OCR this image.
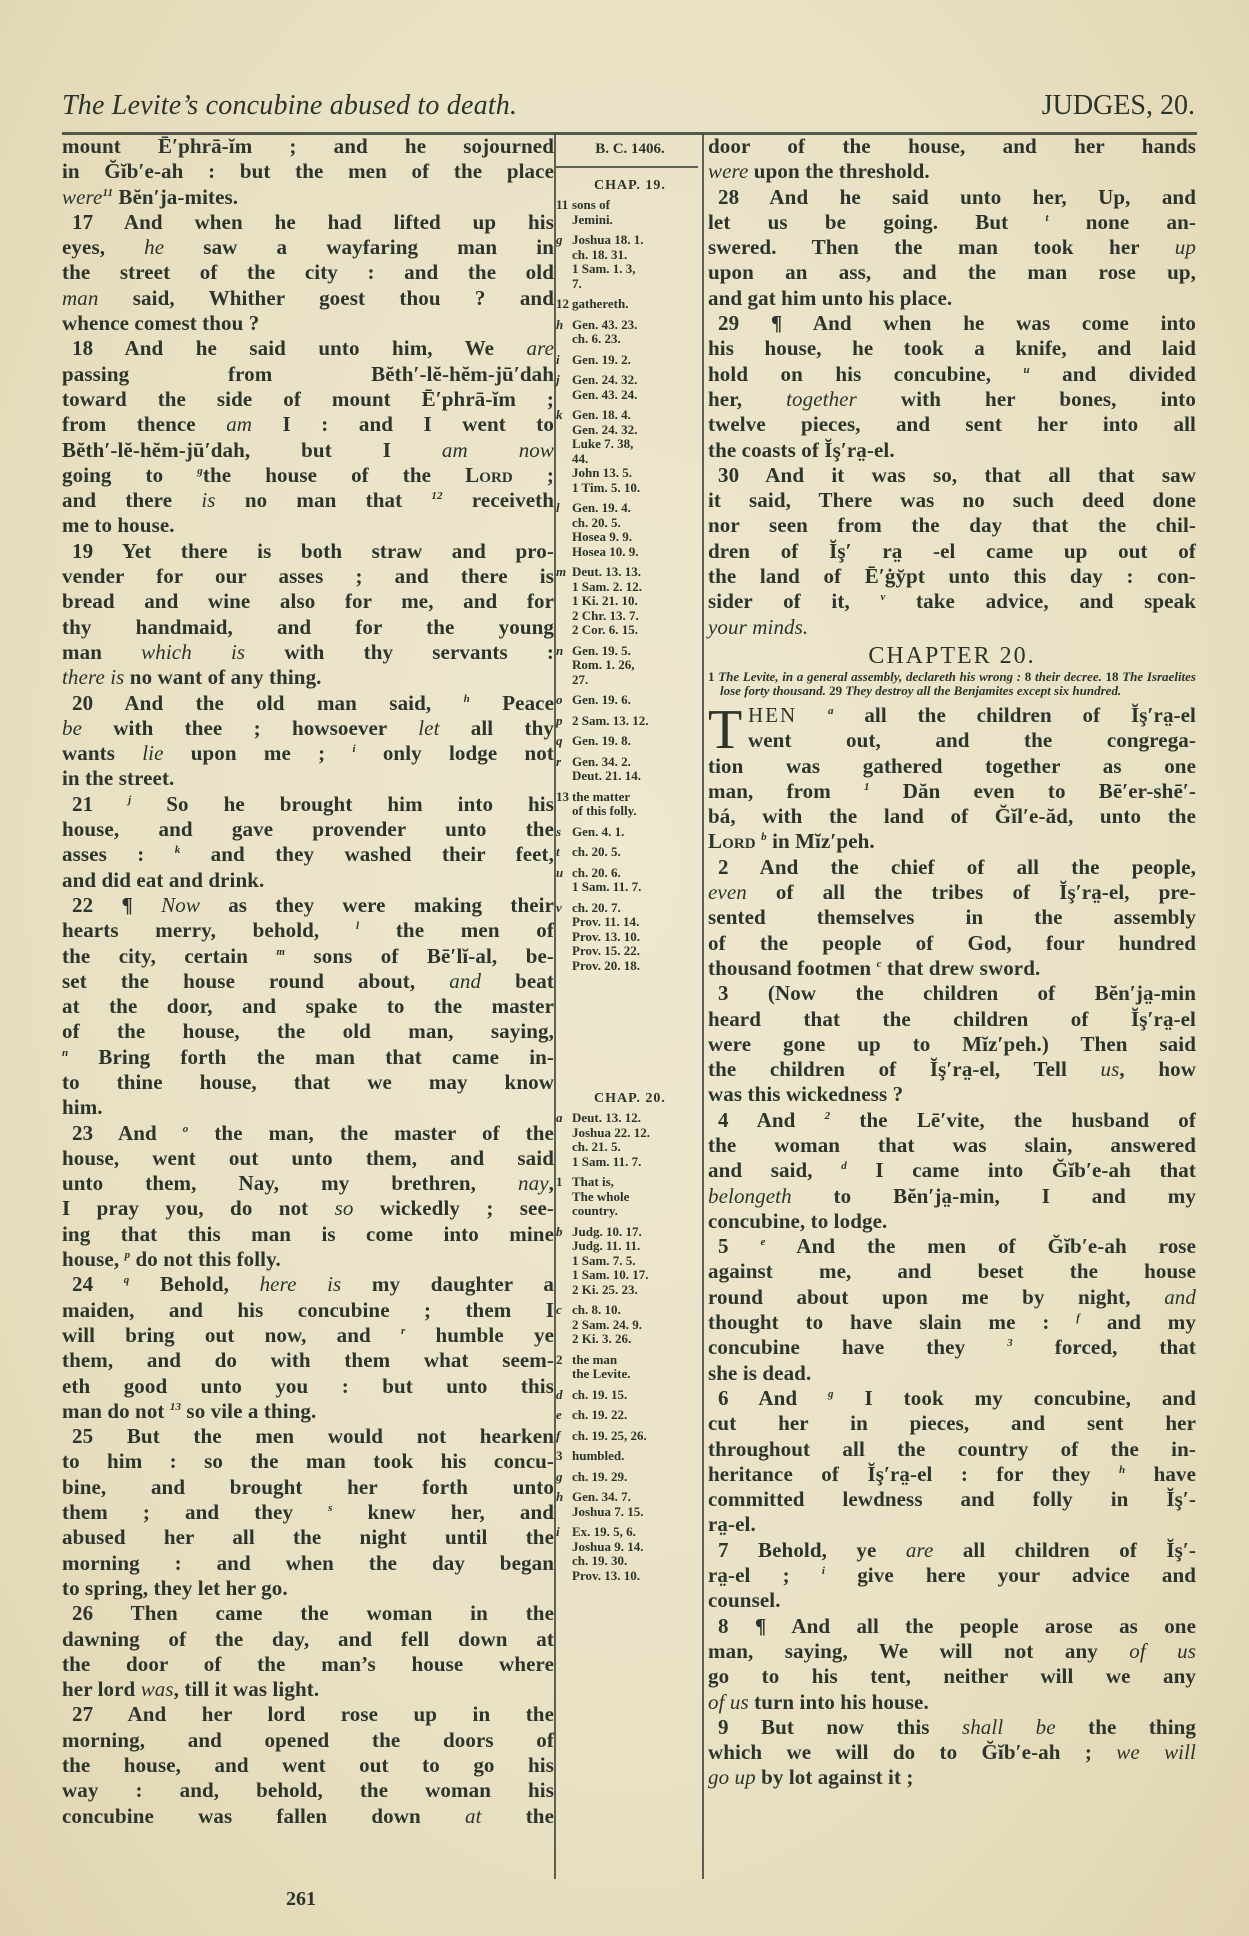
The Levite’s concubine abused to death.	JUDGES, 20.
mount Ē′phrā-ĭm ; and he sojourned
in Ğĭb′e-ah : but the men of the place
were$^{11}$ Bĕn′ja-mites.
17 And when he had lifted up his
eyes, he saw a wayfaring man in
the street of the city : and the old
man said, Whither goest thou ? and
whence comest thou ?
18 And he said unto him, We are
passing from Bĕth′-lĕ-hĕm-jū′dah
toward the side of mount Ē′phrā-ĭm ;
from thence am I : and I went to
Bĕth′-lĕ-hĕm-jū′dah, but I am now
going to $^g$the house of the Lord ;
and there is no man that $^{12}$ receiveth
me to house.
19 Yet there is both straw and pro-
vender for our asses ; and there is
bread and wine also for me, and for
thy handmaid, and for the young
man which is with thy servants :
there is no want of any thing.
20 And the old man said, $^h$ Peace
be with thee ; howsoever let all thy
wants lie upon me ; $^i$ only lodge not
in the street.
21 $^j$ So he brought him into his
house, and gave provender unto the
asses : $^k$ and they washed their feet,
and did eat and drink.
22 ¶ Now as they were making their
hearts merry, behold, $^l$ the men of
the city, certain $^m$ sons of Bē′lĭ-al, be-
set the house round about, and beat
at the door, and spake to the master
of the house, the old man, saying,
$^n$ Bring forth the man that came in-
to thine house, that we may know
him.
23 And $^o$ the man, the master of the
house, went out unto them, and said
unto them, Nay, my brethren, nay,
I pray you, do not so wickedly ; see-
ing that this man is come into mine
house, $^p$ do not this folly.
24 $^q$ Behold, here is my daughter a
maiden, and his concubine ; them I
will bring out now, and $^r$ humble ye
them, and do with them what seem-
eth good unto you : but unto this
man do not $^{13}$ so vile a thing.
25 But the men would not hearken
to him : so the man took his concu-
bine, and brought her forth unto
them ; and they $^s$ knew her, and
abused her all the night until the
morning : and when the day began
to spring, they let her go.
26 Then came the woman in the
dawning of the day, and fell down at
the door of the man’s house where
her lord was, till it was light.
27 And her lord rose up in the
morning, and opened the doors of
the house, and went out to go his
way : and, behold, the woman his
concubine was fallen down at the
B. C. 1406.
CHAP. 19.
11 sons of
Jemini.
g Joshua 18. 1.
ch. 18. 31.
1 Sam. 1. 3,
7.
12 gathereth.
h Gen. 43. 23.
ch. 6. 23.
i Gen. 19. 2.
j Gen. 24. 32.
Gen. 43. 24.
k Gen. 18. 4.
Gen. 24. 32.
Luke 7. 38,
44.
John 13. 5.
1 Tim. 5. 10.
l Gen. 19. 4.
ch. 20. 5.
Hosea 9. 9.
Hosea 10. 9.
m Deut. 13. 13.
1 Sam. 2. 12.
1 Ki. 21. 10.
2 Chr. 13. 7.
2 Cor. 6. 15.
n Gen. 19. 5.
Rom. 1. 26,
27.
o Gen. 19. 6.
p 2 Sam. 13. 12.
q Gen. 19. 8.
r Gen. 34. 2.
Deut. 21. 14.
13 the matter
of this folly.
s Gen. 4. 1.
t ch. 20. 5.
u ch. 20. 6.
1 Sam. 11. 7.
v ch. 20. 7.
Prov. 11. 14.
Prov. 13. 10.
Prov. 15. 22.
Prov. 20. 18.
CHAP. 20.
a Deut. 13. 12.
Joshua 22. 12.
ch. 21. 5.
1 Sam. 11. 7.
1 That is,
The whole
country.
b Judg. 10. 17.
Judg. 11. 11.
1 Sam. 7. 5.
1 Sam. 10. 17.
2 Ki. 25. 23.
c ch. 8. 10.
2 Sam. 24. 9.
2 Ki. 3. 26.
2 the man
the Levite.
d ch. 19. 15.
e ch. 19. 22.
f ch. 19. 25, 26.
3 humbled.
g ch. 19. 29.
h Gen. 34. 7.
Joshua 7. 15.
i Ex. 19. 5, 6.
Joshua 9. 14.
ch. 19. 30.
Prov. 13. 10.
door of the house, and her hands
were upon the threshold.
28 And he said unto her, Up, and
let us be going. But $^t$ none an-
swered. Then the man took her up
upon an ass, and the man rose up,
and gat him unto his place.
29 ¶ And when he was come into
his house, he took a knife, and laid
hold on his concubine, $^u$ and divided
her, together with her bones, into
twelve pieces, and sent her into all
the coasts of Ĭş′ra̤-el.
30 And it was so, that all that saw
it said, There was no such deed done
nor seen from the day that the chil-
dren of Ĭş′ ra̤ -el came up out of
the land of Ē′ġy̆pt unto this day : con-
sider of it, $^v$ take advice, and speak
your minds.
CHAPTER 20.
1 The Levite, in a general assembly, declareth his wrong : 8 their decree. 18 The Israelites lose forty thousand. 29 They destroy all the Benjamites except six hundred.
T HEN	$^a$ all the children of Ĭş′ra̤-el
went out, and the congrega-
tion was gathered together as one
man, from $^1$ Dăn even to Bē′er-shē′-
bá, with the land of Ğĭl′e-ăd, unto the
Lord $^b$ in Mĭz′peh.
2 And the chief of all the people,
even of all the tribes of Ĭş′ra̤-el, pre-
sented themselves in the assembly
of the people of God, four hundred
thousand footmen $^c$ that drew sword.
3 (Now the children of Bĕn′ja̤-min
heard that the children of Ĭş′ra̤-el
were gone up to Mĭz′peh.) Then said
the children of Ĭş′ra̤-el, Tell us, how
was this wickedness ?
4 And $^2$ the Lē′vite, the husband of
the woman that was slain, answered
and said, $^d$ I came into Ğĭb′e-ah that
belongeth to Bĕn′ja̤-min, I and my
concubine, to lodge.
5 $^e$ And the men of Ğĭb′e-ah rose
against me, and beset the house
round about upon me by night, and
thought to have slain me : $^f$ and my
concubine have they $^3$ forced, that
she is dead.
6 And $^g$ I took my concubine, and
cut her in pieces, and sent her
throughout all the country of the in-
heritance of Ĭş′ra̤-el : for they $^h$ have
committed lewdness and folly in Ĭş′-
ra̤-el.
7 Behold, ye are all children of Ĭş′-
ra̤-el ; $^i$ give here your advice and
counsel.
8 ¶ And all the people arose as one
man, saying, We will not any of us
go to his tent, neither will we any
of us turn into his house.
9 But now this shall be the thing
which we will do to Ğĭb′e-ah ; we will
go up by lot against it ;
261
